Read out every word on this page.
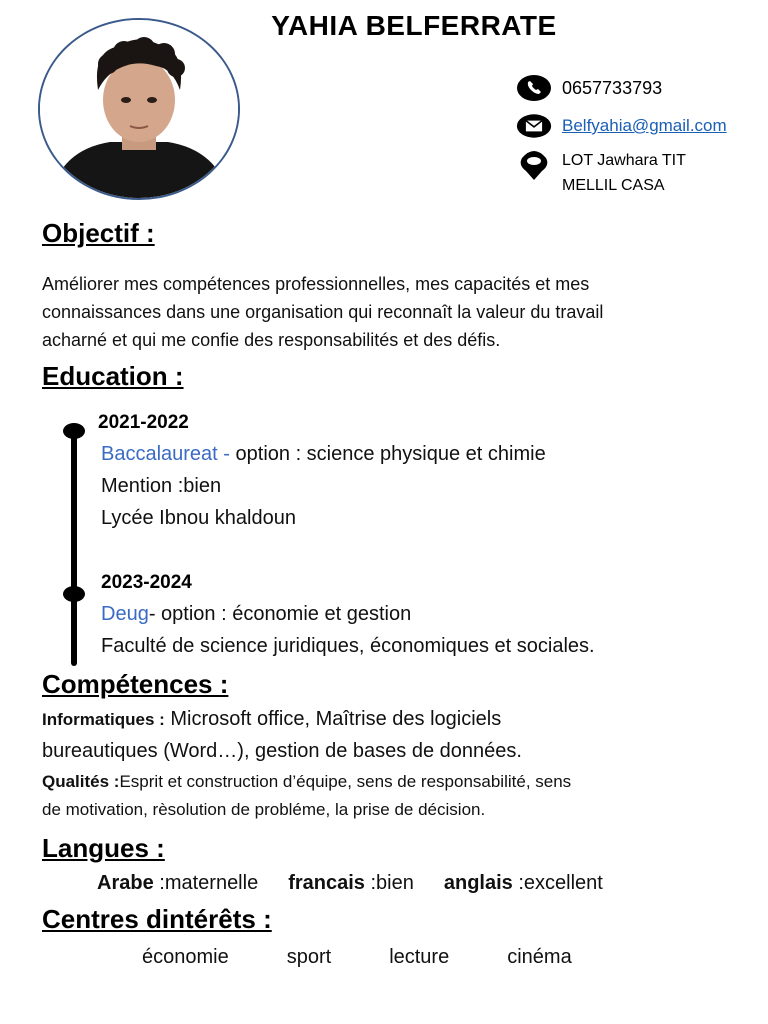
YAHIA BELFERRATE
0657733793
Belfyahia@gmail.com
LOT Jawhara TIT
MELLIL CASA
Objectif :
Améliorer mes compétences professionnelles, mes capacités et mes
connaissances dans une organisation qui reconnaît la valeur du travail
acharné et qui me confie des responsabilités et des défis.
Education :
2021-2022
Baccalaureat - option : science physique et chimie
Mention :bien
Lycée Ibnou khaldoun
2023-2024
Deug- option : économie et gestion
Faculté de science juridiques, économiques et sociales.
Compétences :
Informatiques : Microsoft office, Maîtrise des logiciels
bureautiques (Word…), gestion de bases de données.
Qualités :Esprit et construction d’équipe, sens de responsabilité, sens
de motivation, rèsolution de probléme, la prise de décision.
Langues :
Arabe :maternelle francais :bien anglais :excellent
Centres dintérêts :
économie	sport	lecture	cinéma
